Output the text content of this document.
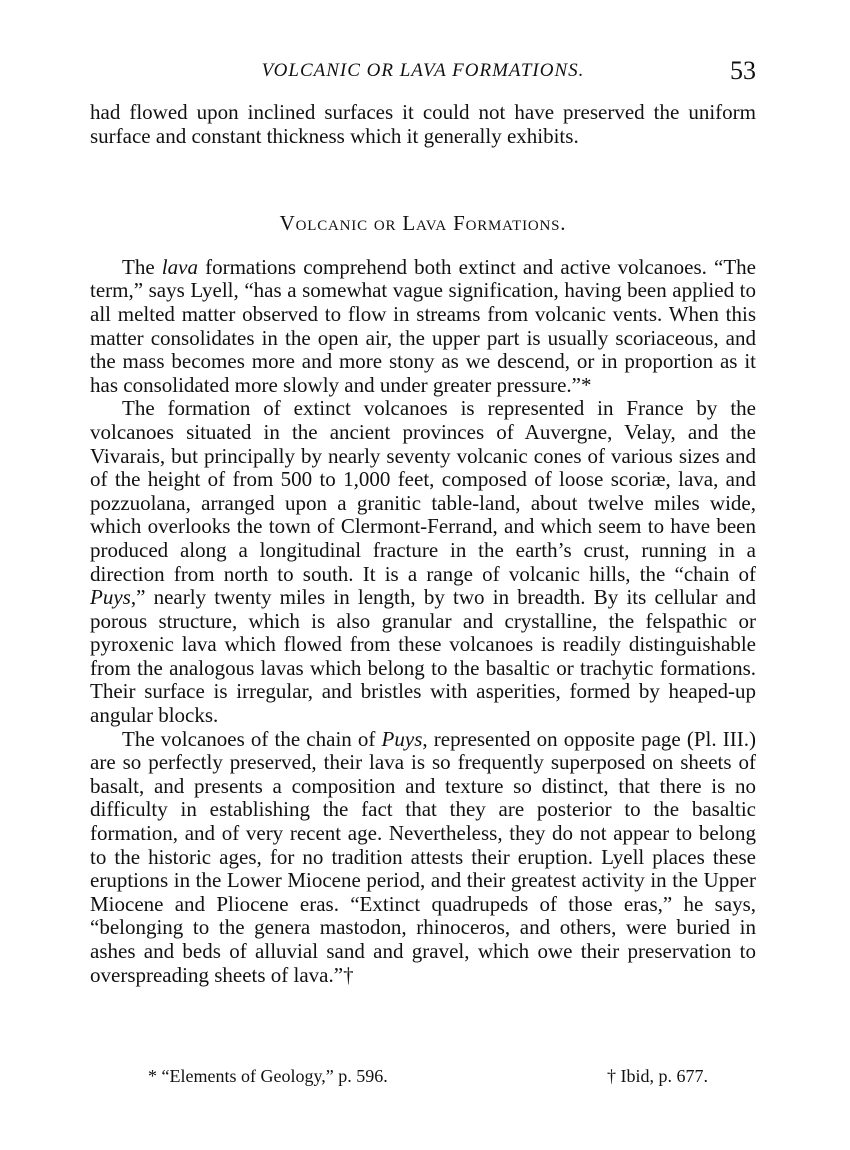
VOLCANIC OR LAVA FORMATIONS.	53

had flowed upon inclined surfaces it could not have preserved the uniform surface and constant thickness which it generally exhibits.

Volcanic or Lava Formations.

The lava formations comprehend both extinct and active volcanoes. “The term,” says Lyell, “has a somewhat vague signification, having been applied to all melted matter observed to flow in streams from volcanic vents. When this matter consolidates in the open air, the upper part is usually scoriaceous, and the mass becomes more and more stony as we descend, or in proportion as it has consolidated more slowly and under greater pressure.”*

The formation of extinct volcanoes is represented in France by the volcanoes situated in the ancient provinces of Auvergne, Velay, and the Vivarais, but principally by nearly seventy volcanic cones of various sizes and of the height of from 500 to 1,000 feet, composed of loose scoriæ, lava, and pozzuolana, arranged upon a granitic table-land, about twelve miles wide, which overlooks the town of Clermont-Ferrand, and which seem to have been produced along a longitudinal fracture in the earth’s crust, running in a direction from north to south. It is a range of volcanic hills, the “chain of Puys,” nearly twenty miles in length, by two in breadth. By its cellular and porous structure, which is also granular and crystalline, the felspathic or pyroxenic lava which flowed from these volcanoes is readily distinguishable from the analogous lavas which belong to the basaltic or trachytic formations. Their surface is irregular, and bristles with asperities, formed by heaped-up angular blocks.

The volcanoes of the chain of Puys, represented on opposite page (Pl. III.) are so perfectly preserved, their lava is so frequently superposed on sheets of basalt, and presents a composition and texture so distinct, that there is no difficulty in establishing the fact that they are posterior to the basaltic formation, and of very recent age. Nevertheless, they do not appear to belong to the historic ages, for no tradition attests their eruption. Lyell places these eruptions in the Lower Miocene period, and their greatest activity in the Upper Miocene and Pliocene eras. “Extinct quadrupeds of those eras,” he says, “belonging to the genera mastodon, rhinoceros, and others, were buried in ashes and beds of alluvial sand and gravel, which owe their preservation to overspreading sheets of lava.”†

* “Elements of Geology,” p. 596.	† Ibid, p. 677.
